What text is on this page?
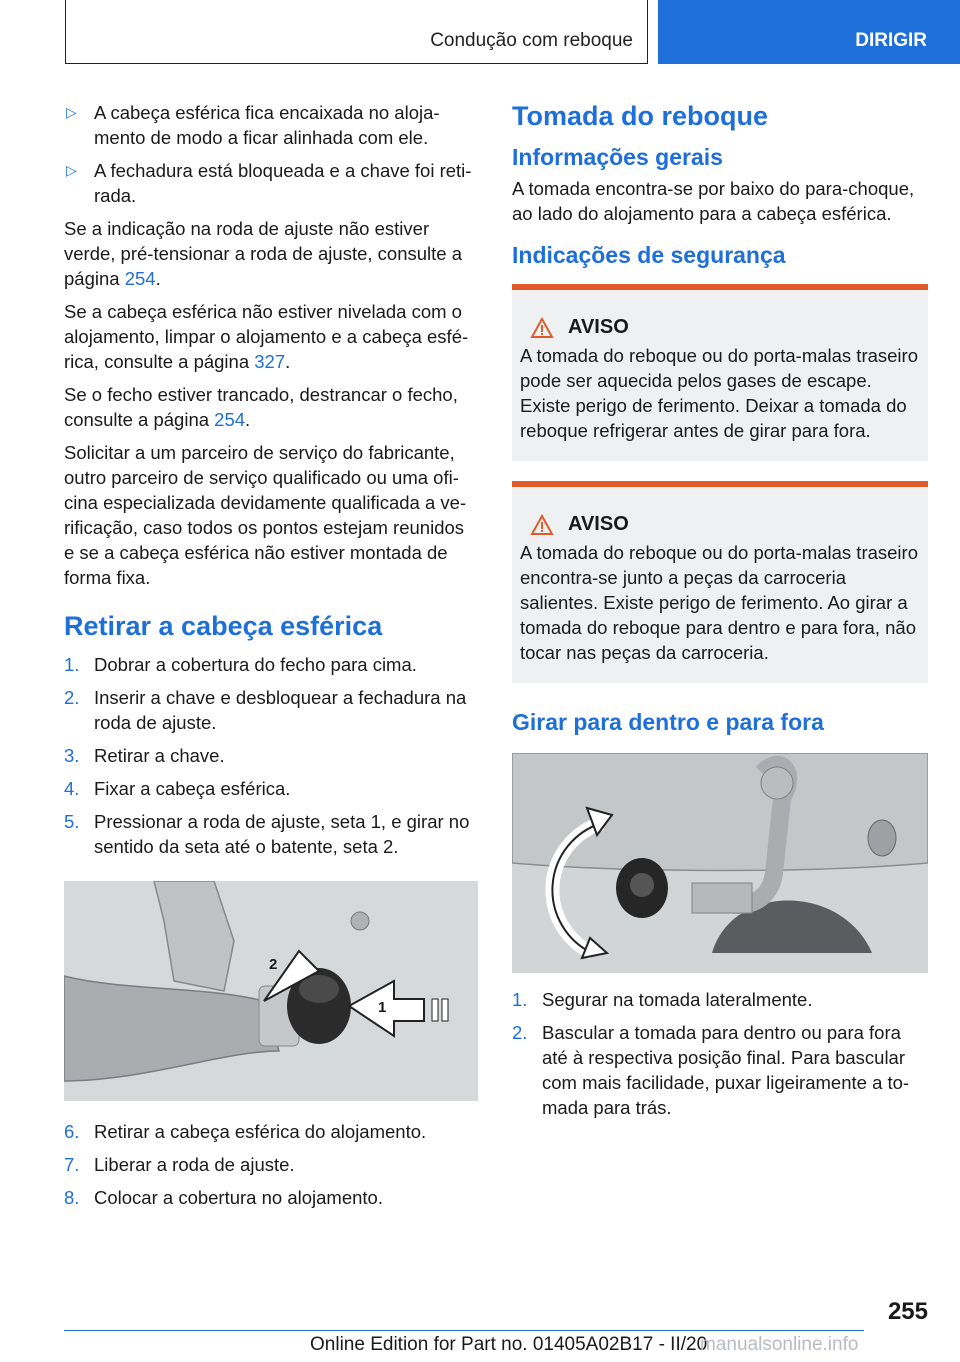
Condução com reboque	DIRIGIR
▷ A cabeça esférica fica encaixada no alojamento de modo a ficar alinhada com ele.
▷ A fechadura está bloqueada e a chave foi retirada.

Se a indicação na roda de ajuste não estiver verde, pré-tensionar a roda de ajuste, consulte a página 254.

Se a cabeça esférica não estiver nivelada com o alojamento, limpar o alojamento e a cabeça esférica, consulte a página 327.

Se o fecho estiver trancado, destrancar o fecho, consulte a página 254.

Solicitar a um parceiro de serviço do fabricante, outro parceiro de serviço qualificado ou uma oficina especializada devidamente qualificada a verificação, caso todos os pontos estejam reunidos e se a cabeça esférica não estiver montada de forma fixa.

Retirar a cabeça esférica
1. Dobrar a cobertura do fecho para cima.
2. Inserir a chave e desbloquear a fechadura na roda de ajuste.
3. Retirar a chave.
4. Fixar a cabeça esférica.
5. Pressionar a roda de ajuste, seta 1, e girar no sentido da seta até o batente, seta 2.
2
1
6. Retirar a cabeça esférica do alojamento.
7. Liberar a roda de ajuste.
8. Colocar a cobertura no alojamento.
Tomada do reboque
Informações gerais

A tomada encontra-se por baixo do para-choque, ao lado do alojamento para a cabeça esférica.

Indicações de segurança
AVISO

A tomada do reboque ou do porta-malas traseiro pode ser aquecida pelos gases de escape. Existe perigo de ferimento. Deixar a tomada do reboque refrigerar antes de girar para fora.

AVISO

A tomada do reboque ou do porta-malas traseiro encontra-se junto a peças da carroceria salientes. Existe perigo de ferimento. Ao girar a tomada do reboque para dentro e para fora, não tocar nas peças da carroceria.

Girar para dentro e para fora
1. Segurar na tomada lateralmente.
2. Bascular a tomada para dentro ou para fora até à respectiva posição final. Para bascular com mais facilidade, puxar ligeiramente a tomada para trás.
255
Online Edition for Part no. 01405A02B17 - II/20
manualsonline.info
